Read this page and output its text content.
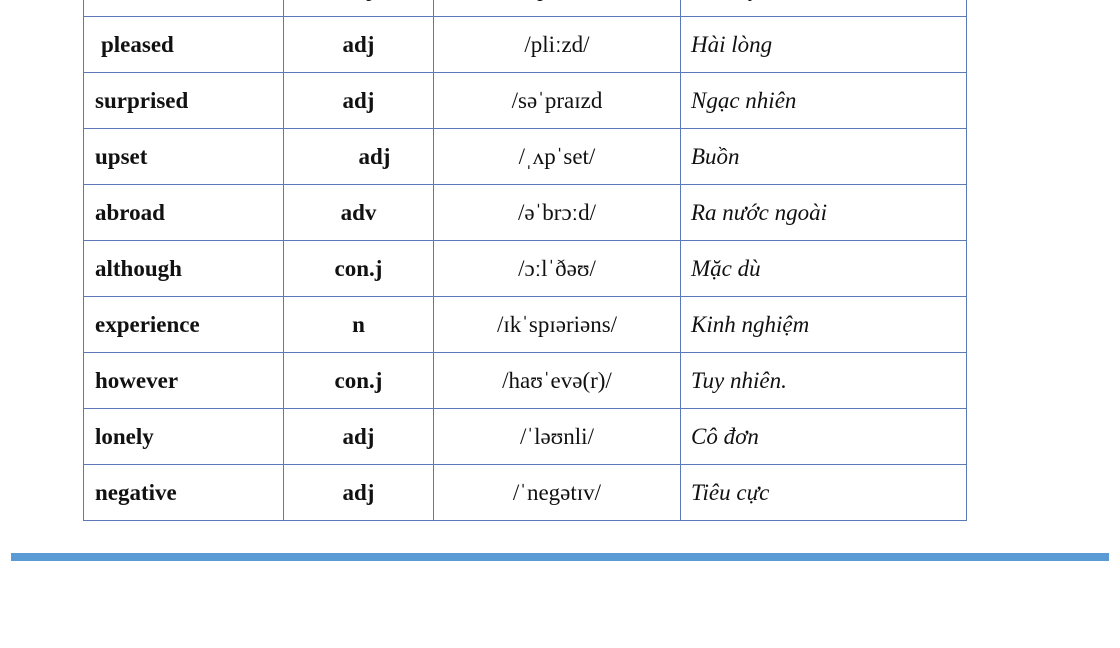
pleased	adj	/pliːzd/	Hài lòng
surprised	adj	/səˈpraɪzd	Ngạc nhiên
upset	adj	/ˌʌpˈset/	Buồn
abroad	adv	/əˈbrɔːd/	Ra nước ngoài
although	con.j	/ɔːlˈðəʊ/	Mặc dù
experience	n	/ɪkˈspɪəriəns/	Kinh nghiệm
however	con.j	/haʊˈevə(r)/	Tuy nhiên.
lonely	adj	/ˈləʊnli/	Cô đơn
negative	adj	/ˈnegətɪv/	Tiêu cực
